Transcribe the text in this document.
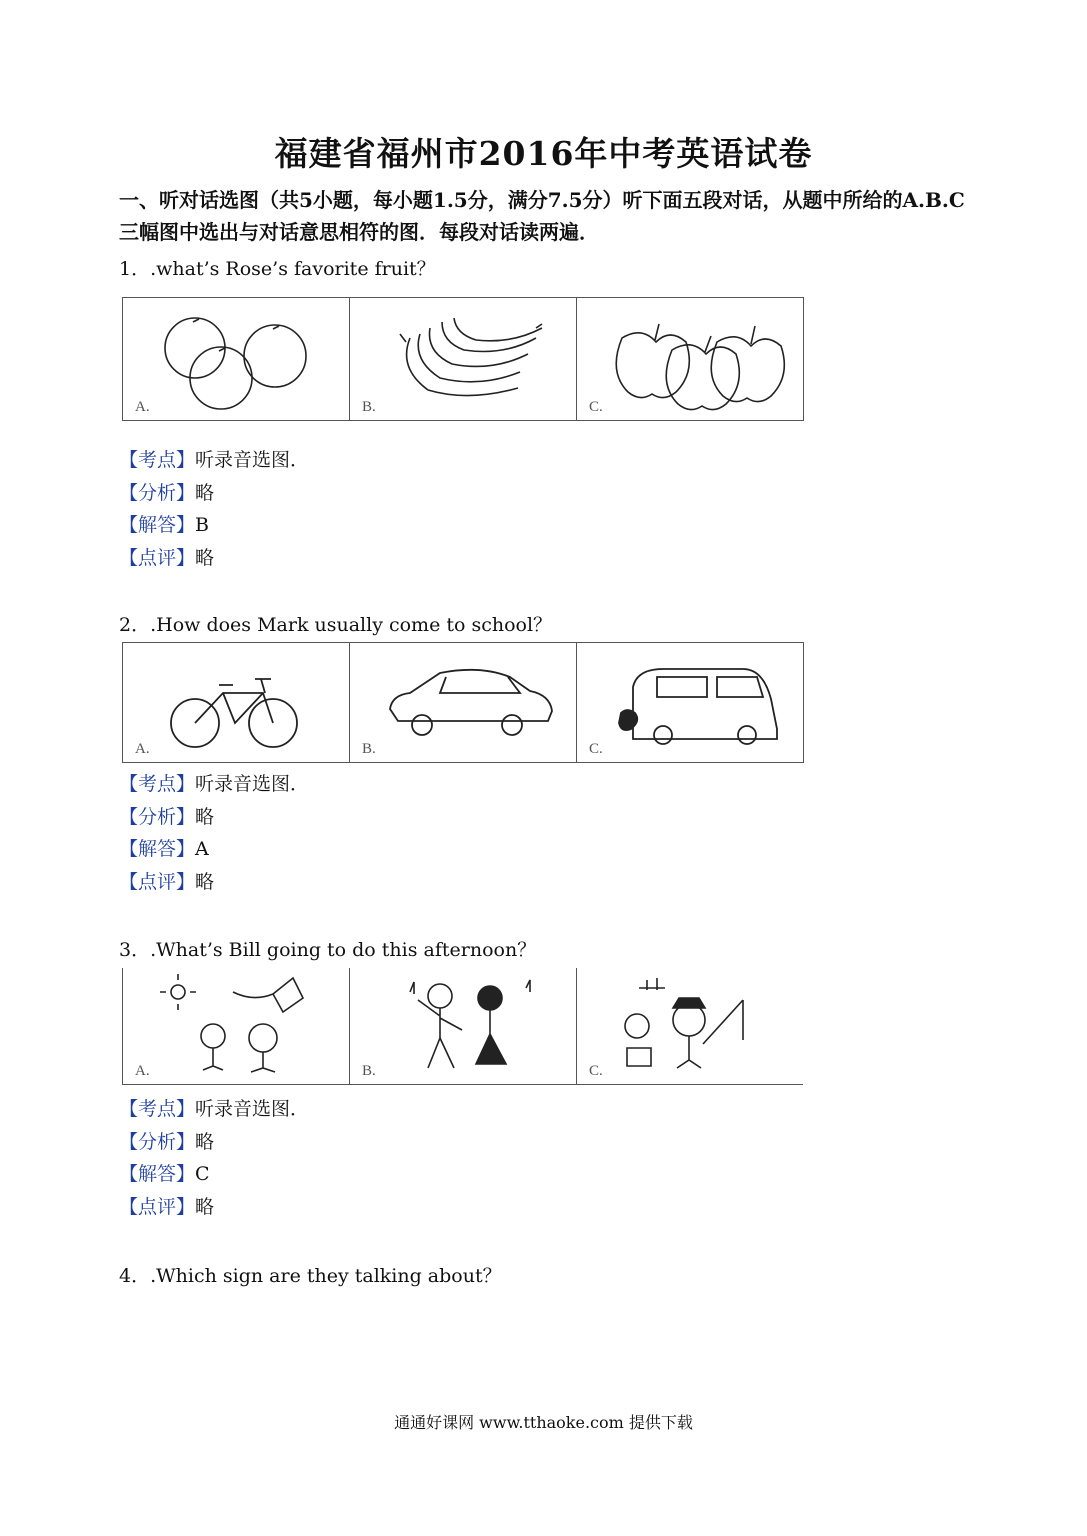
福建省福州市2016年中考英语试卷
一、听对话选图（共5小题，每小题1.5分，满分7.5分）听下面五段对话，从题中所给的A.B.C三幅图中选出与对话意思相符的图．每段对话读两遍．
1．.what’s Rose’s favorite fruit？
A.	B.	C.
【考点】听录音选图．
【分析】略
【解答】B
【点评】略
2．.How does Mark usually come to school？
A.	B.	C.
【考点】听录音选图．
【分析】略
【解答】A
【点评】略
3．.What’s Bill going to do this afternoon？
A.	B.	C.
【考点】听录音选图．
【分析】略
【解答】C
【点评】略
4．.Which sign are they talking about？
通通好课网 www.tthaoke.com 提供下载
